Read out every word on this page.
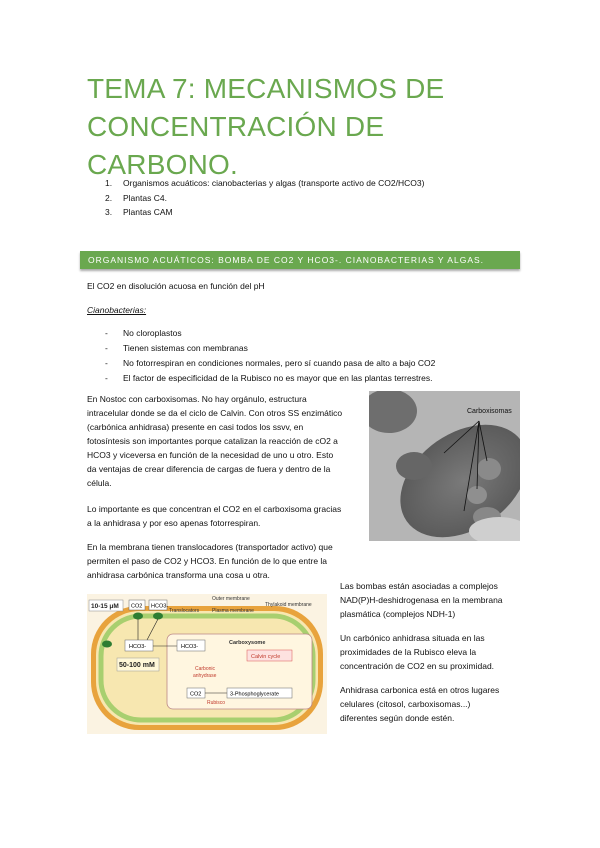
TEMA 7: MECANISMOS DE
CONCENTRACIÓN DE CARBONO.
1. Organismos acuáticos: cianobacterias y algas (transporte activo de CO2/HCO3)
2. Plantas C4.
3. Plantas CAM
ORGANISMO ACUÁTICOS: BOMBA DE CO2 Y HCO3-. CIANOBACTERIAS Y ALGAS.

El CO2 en disolución acuosa en función del pH

Cianobacterias:

- No cloroplastos
- Tienen sistemas con membranas
- No fotorrespiran en condiciones normales, pero sí cuando pasa de alto a bajo CO2
- El factor de especificidad de la Rubisco no es mayor que en las plantas terrestres.
En Nostoc con carboxisomas. No hay orgánulo, estructura
intracelular donde se da el ciclo de Calvin. Con otros SS enzimático
(carbónica anhidrasa) presente en casi todos los ssvv, en
fotosíntesis son importantes porque catalizan la reacción de cO2 a
HCO3 y viceversa en función de la necesidad de uno u otro. Esto
da ventajas de crear diferencia de cargas de fuera y dentro de la
célula.
Lo importante es que concentran el CO2 en el carboxisoma gracias
a la anhidrasa y por eso apenas fotorrespiran.
En la membrana tienen translocadores (transportador activo) que
permiten el paso de CO2 y HCO3. En función de lo que entre la
anhidrasa carbónica transforma una cosa u otra.
Carboxisomas
10-15 μM CO2 HCO3-
Outer membrane
Translocators	Plasma membrane
Thylakoid membrane
Carboxysome
HCO3-	HCO3-
Calvin cycle
Carbonic
anhydrase
50-100 mM
CO2	3-Phosphoglycerate
Rubisco
Las bombas están asociadas a complejos
NAD(P)H-deshidrogenasa en la membrana
plasmática (complejos NDH-1)
Un carbónico anhidrasa situada en las
proximidades de la Rubisco eleva la
concentración de CO2 en su proximidad.
Anhidrasa carbonica está en otros lugares
celulares (citosol, carboxisomas...)
diferentes según donde estén.
